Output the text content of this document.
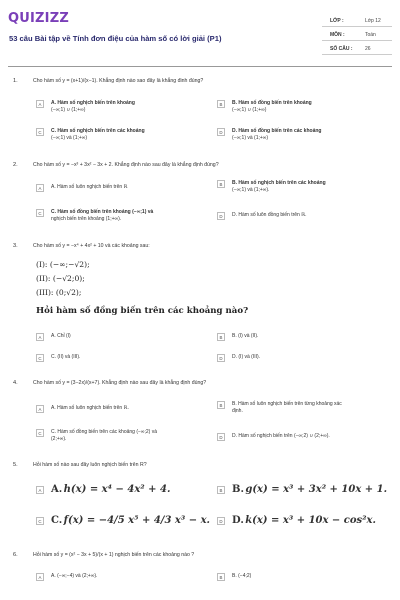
QUIZIZZ
53 câu Bài tập về Tính đơn điệu của hàm số có lời giải (P1)
LỚP :	Lớp 12
MÔN :	Toán
SỐ CÂU :	26
1.	Cho hàm số y = (x+1)/(x−1). Khẳng định nào sao đây là khẳng đinh đúng?
A	A. Hàm số nghịch biến trên khoảng
(−∞;1) ∪ (1;+∞)
B	B. Hàm số đồng biến trên khoảng
(−∞;1) ∪ (1;+∞)
C	C. Hàm số nghịch biến trên các khoảng
(−∞;1) và (1;+∞)
D	D. Hàm số đồng biến trên các khoảng
(−∞;1) và (1;+∞)
2.	Cho hàm số y = −x³ + 3x² − 3x + 2. Khẳng định nào sau đây là khẳng định đúng?
A	A. Hàm số luôn nghịch biến trên ℝ	B	B. Hàm số nghịch biến trên các khoảng
(−∞;1) và (1;+∞).
C	C. Hàm số đồng biến trên khoảng (−∞;1) và
nghịch biến trên khoảng (1;+∞).	D	D. Hàm số luôn đồng biến trên ℝ.
3.	Cho hàm số y = −x⁴ + 4x² + 10 và các khoảng sau:
(I): (−∞;−√2);
(II): (−√2;0);
(III): (0;√2);
Hỏi hàm số đồng biến trên các khoảng nào?
A	A. Chỉ (I)	B	B. (I) và (II).
C	C. (II) và (III).	D	D. (I) và (III).
4.	Cho hàm số y = (3−2x)/(x+7). Khẳng định nào sau đây là khẳng định đúng?
A	A. Hàm số luôn nghịch biến trên ℝ.	B	B. Hàm số luôn nghịch biến trên từng khoảng xác
định.
C	C. Hàm số đồng biến trên các khoảng (−∞;2) và
(2;+∞).	D	D. Hàm số nghịch biến trên (−∞;2) ∪ (2;+∞).
5.	Hỏi hàm số nào sau đây luôn nghịch biến trên R?
A A. h(x) = x⁴ − 4x² + 4.	B B. g(x) = x³ + 3x² + 10x + 1.
C C. f(x) = −4/5 x⁵ + 4/3 x³ − x.	D D. k(x) = x³ + 10x − cos²x.
6.	Hỏi hàm số y = (x² − 3x + 5)/(x + 1) nghịch biến trên các khoảng nào ?
A	A. (−∞;−4) và (2;+∞).	B	B. (−4;2)
